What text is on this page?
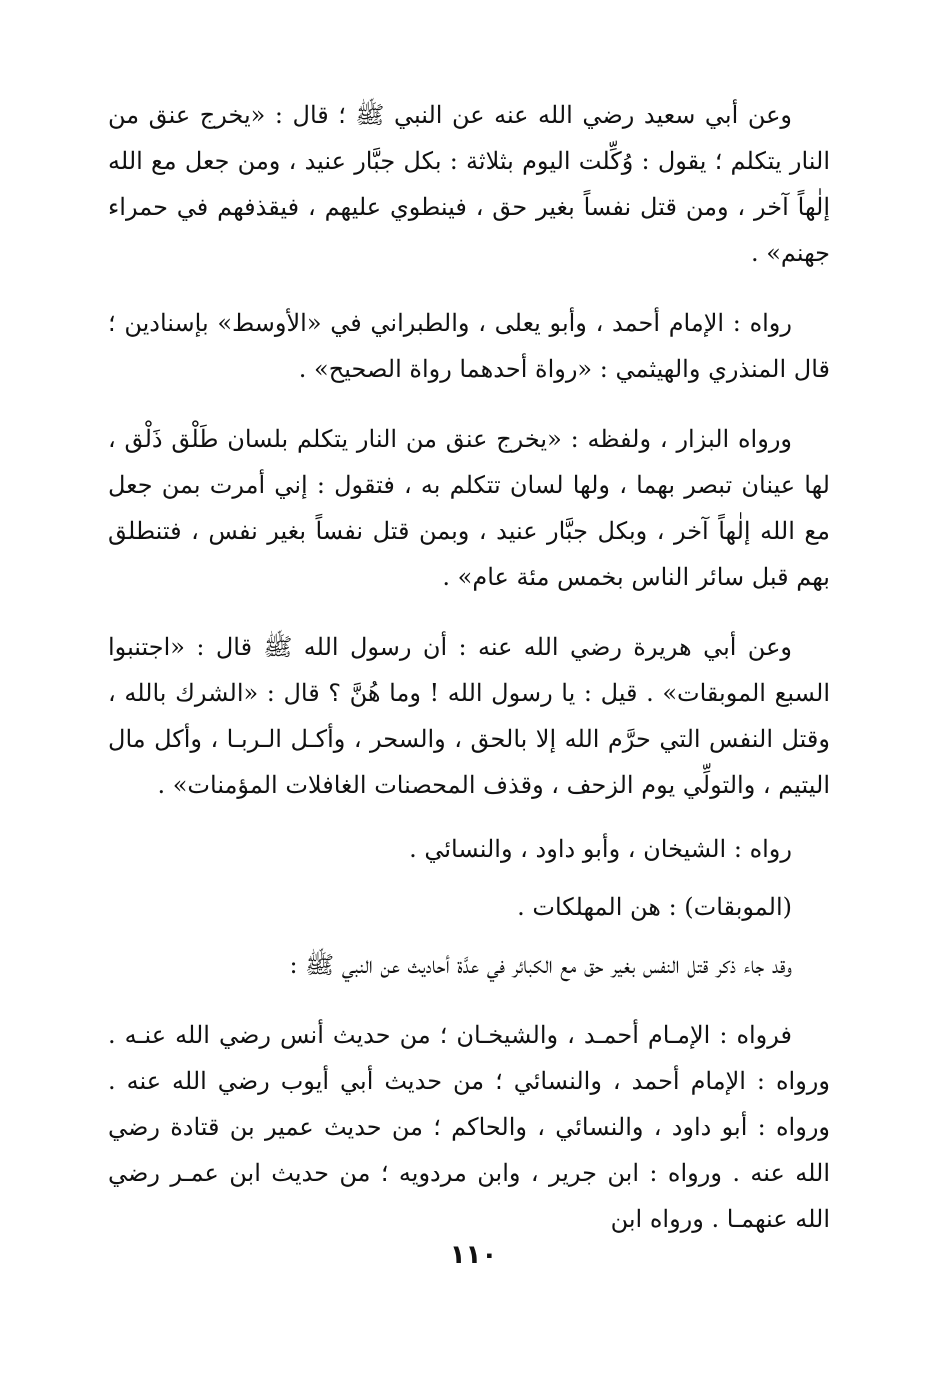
وعن أبي سعيد رضي الله عنه عن النبي ﷺ ؛ قال : «يخرج عنق من النار يتكلم ؛ يقول : وُكِّلت اليوم بثلاثة : بكل جبَّار عنيد ، ومن جعل مع الله إلٰهاً آخر ، ومن قتل نفساً بغير حق ، فينطوي عليهم ، فيقذفهم في حمراء جهنم» .

رواه : الإمام أحمد ، وأبو يعلى ، والطبراني في «الأوسط» بإسنادين ؛ قال المنذري والهيثمي : «رواة أحدهما رواة الصحيح» .

ورواه البزار ، ولفظه : «يخرج عنق من النار يتكلم بلسان طَلْق ذَلْق ، لها عينان تبصر بهما ، ولها لسان تتكلم به ، فتقول : إني أمرت بمن جعل مع الله إلٰهاً آخر ، وبكل جبَّار عنيد ، وبمن قتل نفساً بغير نفس ، فتنطلق بهم قبل سائر الناس بخمس مئة عام» .

وعن أبي هريرة رضي الله عنه : أن رسول الله ﷺ قال : «اجتنبوا السبع الموبقات» . قيل : يا رسول الله ! وما هُنَّ ؟ قال : «الشرك بالله ، وقتل النفس التي حرَّم الله إلا بالحق ، والسحر ، وأكـل الـربـا ، وأكل مال اليتيم ، والتولِّي يوم الزحف ، وقذف المحصنات الغافلات المؤمنات» .

رواه : الشيخان ، وأبو داود ، والنسائي .

(الموبقات) : هن المهلكات .

وقد جاء ذكر قتل النفس بغير حق مع الكبائر في عدَّة أحاديث عن النبي ﷺ :

فرواه : الإمـام أحمـد ، والشيخـان ؛ من حديث أنس رضي الله عنـه . ورواه : الإمام أحمد ، والنسائي ؛ من حديث أبي أيوب رضي الله عنه . ورواه : أبو داود ، والنسائي ، والحاكم ؛ من حديث عمير بن قتادة رضي الله عنه . ورواه : ابن جرير ، وابن مردويه ؛ من حديث ابن عمـر رضي الله عنهمـا . ورواه ابن

١١٠
